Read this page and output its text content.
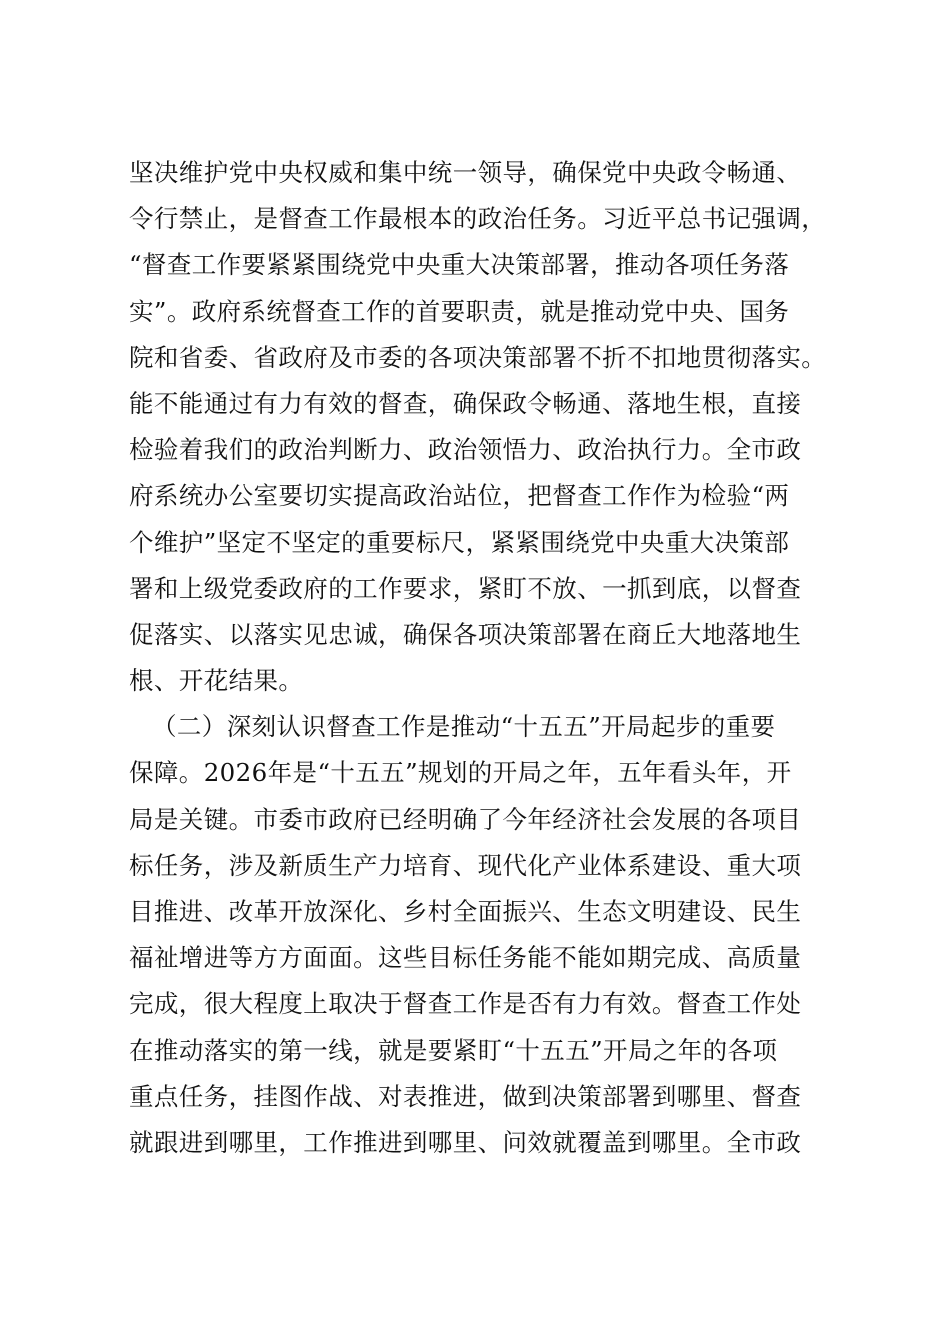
坚决维护党中央权威和集中统一领导，确保党中央政令畅通、
令行禁止，是督查工作最根本的政治任务。习近平总书记强调，
“督查工作要紧紧围绕党中央重大决策部署，推动各项任务落
实”。政府系统督查工作的首要职责，就是推动党中央、国务
院和省委、省政府及市委的各项决策部署不折不扣地贯彻落实。
能不能通过有力有效的督查，确保政令畅通、落地生根，直接
检验着我们的政治判断力、政治领悟力、政治执行力。全市政
府系统办公室要切实提高政治站位，把督查工作作为检验“两
个维护”坚定不坚定的重要标尺，紧紧围绕党中央重大决策部
署和上级党委政府的工作要求，紧盯不放、一抓到底，以督查
促落实、以落实见忠诚，确保各项决策部署在商丘大地落地生
根、开花结果。
（二）深刻认识督查工作是推动“十五五”开局起步的重要
保障。2026年是“十五五”规划的开局之年，五年看头年，开
局是关键。市委市政府已经明确了今年经济社会发展的各项目
标任务，涉及新质生产力培育、现代化产业体系建设、重大项
目推进、改革开放深化、乡村全面振兴、生态文明建设、民生
福祉增进等方方面面。这些目标任务能不能如期完成、高质量
完成，很大程度上取决于督查工作是否有力有效。督查工作处
在推动落实的第一线，就是要紧盯“十五五”开局之年的各项
重点任务，挂图作战、对表推进，做到决策部署到哪里、督查
就跟进到哪里，工作推进到哪里、问效就覆盖到哪里。全市政
